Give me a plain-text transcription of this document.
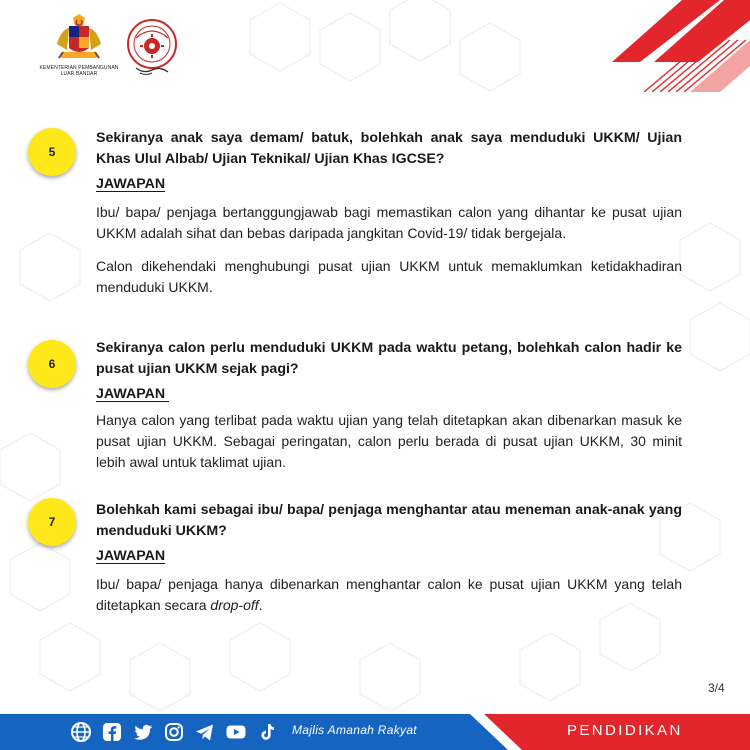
KEMENTERIAN PEMBANGUNAN LUAR BANDAR
5
Sekiranya anak saya demam/ batuk, bolehkah anak saya menduduki UKKM/ Ujian Khas Ulul Albab/ Ujian Teknikal/ Ujian Khas IGCSE?
JAWAPAN

Ibu/ bapa/ penjaga bertanggungjawab bagi memastikan calon yang dihantar ke pusat ujian UKKM adalah sihat dan bebas daripada jangkitan Covid-19/ tidak bergejala.

Calon dikehendaki menghubungi pusat ujian UKKM untuk memaklumkan ketidakhadiran menduduki UKKM.

6
Sekiranya calon perlu menduduki UKKM pada waktu petang, bolehkah calon hadir ke pusat ujian UKKM sejak pagi?
JAWAPAN

Hanya calon yang terlibat pada waktu ujian yang telah ditetapkan akan dibenarkan masuk ke pusat ujian UKKM. Sebagai peringatan, calon perlu berada di pusat ujian UKKM, 30 minit lebih awal untuk taklimat ujian.

7
Bolehkah kami sebagai ibu/ bapa/ penjaga menghantar atau meneman anak-anak yang menduduki UKKM?
JAWAPAN

Ibu/ bapa/ penjaga hanya dibenarkan menghantar calon ke pusat ujian UKKM yang telah ditetapkan secara drop-off.

3/4
Majlis Amanah Rakyat	PENDIDIKAN
